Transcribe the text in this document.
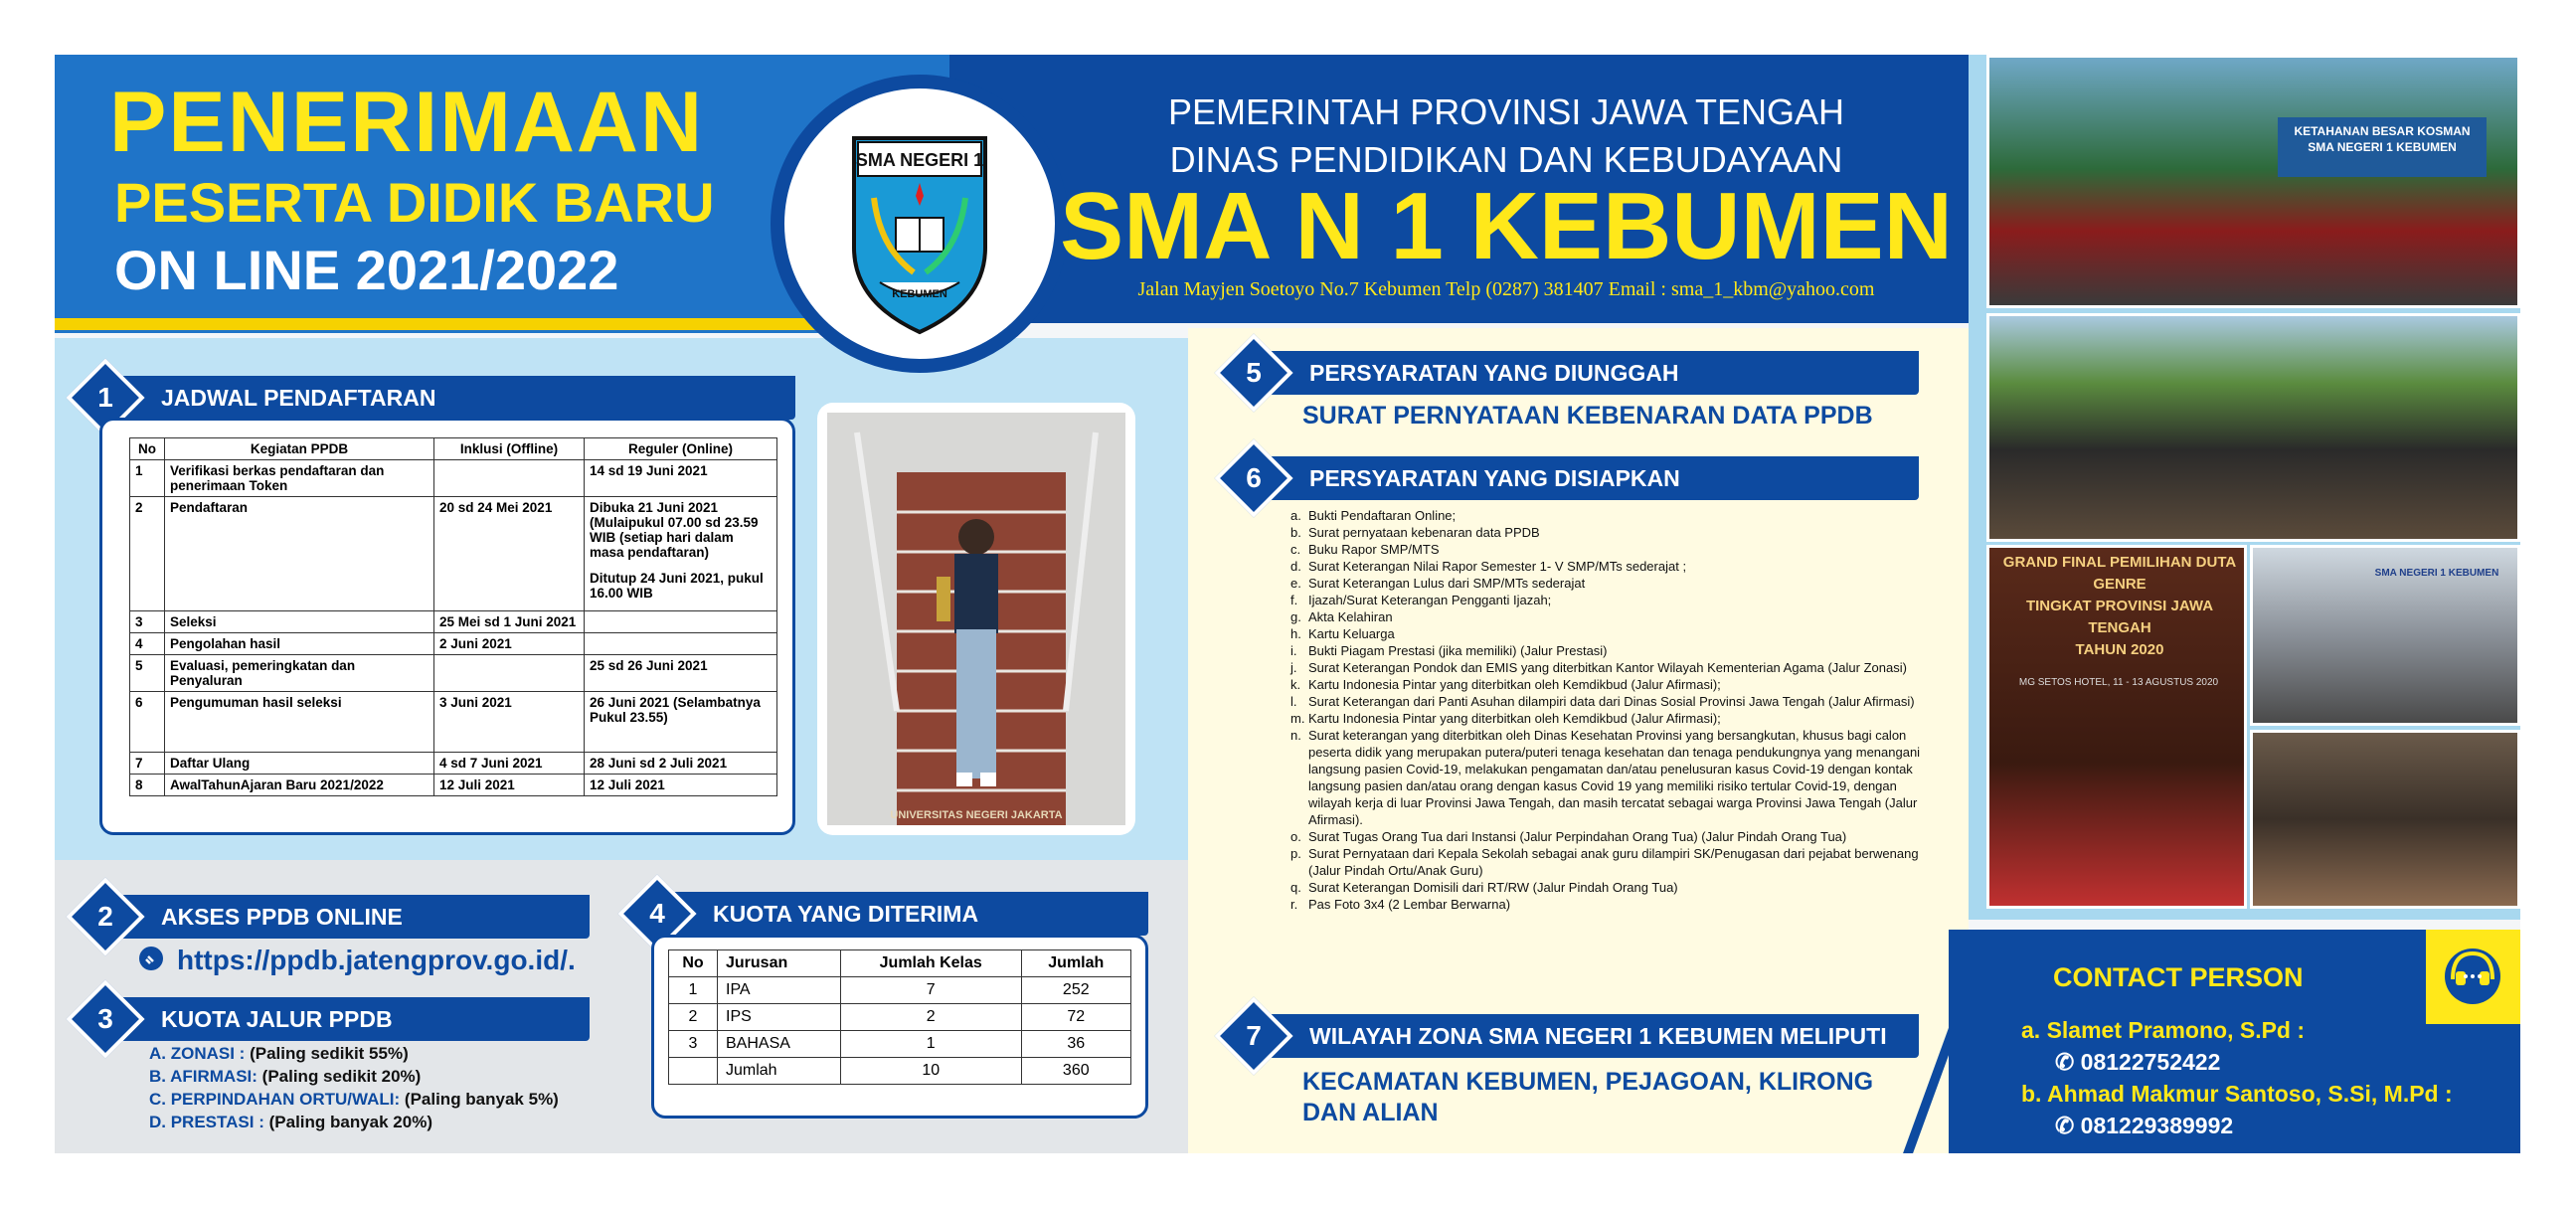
PENERIMAAN
PESERTA DIDIK BARU
ON LINE 2021/2022
SMA NEGERI 1
KEBUMEN
PEMERINTAH PROVINSI JAWA TENGAH
DINAS PENDIDIKAN DAN KEBUDAYAAN
SMA N 1 KEBUMEN
Jalan Mayjen Soetoyo No.7 Kebumen Telp (0287) 381407 Email : sma_1_kbm@yahoo.com
1	JADWAL PENDAFTARAN
No	Kegiatan PPDB	Inklusi (Offline)	Reguler (Online)
1	Verifikasi berkas pendaftaran dan penerimaan Token		14 sd 19 Juni 2021
2	Pendaftaran	20 sd 24 Mei 2021	Dibuka 21 Juni 2021 (Mulaipukul 07.00 sd 23.59 WIB (setiap hari dalam masa pendaftaran)
			Ditutup 24 Juni 2021, pukul 16.00 WIB
3	Seleksi	25 Mei sd 1 Juni 2021	
4	Pengolahan hasil	2 Juni 2021	
5	Evaluasi, pemeringkatan dan Penyaluran		25 sd 26 Juni 2021
6	Pengumuman hasil seleksi	3 Juni 2021	26 Juni 2021 (Selambatnya Pukul 23.55)
7	Daftar Ulang	4 sd 7 Juni 2021	28 Juni sd 2 Juli 2021
8	AwalTahunAjaran Baru 2021/2022	12 Juli 2021	12 Juli 2021
UNIVERSITAS NEGERI JAKARTA
2	AKSES PPDB ONLINE
https://ppdb.jatengprov.go.id/.
3	KUOTA JALUR PPDB
A. ZONASI : (Paling sedikit 55%)
B. AFIRMASI: (Paling sedikit 20%)
C. PERPINDAHAN ORTU/WALI: (Paling banyak 5%)
D. PRESTASI : (Paling banyak 20%)
4	KUOTA YANG DITERIMA
No	Jurusan	Jumlah Kelas	Jumlah
1	IPA	7	252
2	IPS	2	72
3	BAHASA	1	36
	Jumlah	10	360
5	PERSYARATAN YANG DIUNGGAH
SURAT PERNYATAAN KEBENARAN DATA PPDB
6	PERSYARATAN YANG DISIAPKAN
a. Bukti Pendaftaran Online;
b. Surat pernyataan kebenaran data PPDB
c. Buku Rapor SMP/MTS
d. Surat Keterangan Nilai Rapor Semester 1- V SMP/MTs sederajat ;
e. Surat Keterangan Lulus dari SMP/MTs sederajat
f. Ijazah/Surat Keterangan Pengganti Ijazah;
g. Akta Kelahiran
h. Kartu Keluarga
i. Bukti Piagam Prestasi (jika memiliki) (Jalur Prestasi)
j. Surat Keterangan Pondok dan EMIS yang diterbitkan Kantor Wilayah Kementerian Agama (Jalur Zonasi)
k. Kartu Indonesia Pintar yang diterbitkan oleh Kemdikbud (Jalur Afirmasi);
l. Surat Keterangan dari Panti Asuhan dilampiri data dari Dinas Sosial Provinsi Jawa Tengah (Jalur Afirmasi)
m. Kartu Indonesia Pintar yang diterbitkan oleh Kemdikbud (Jalur Afirmasi);
n. Surat keterangan yang diterbitkan oleh Dinas Kesehatan Provinsi yang bersangkutan, khusus bagi calon peserta didik yang merupakan putera/puteri tenaga kesehatan dan tenaga pendukungnya yang menangani langsung pasien Covid-19, melakukan pengamatan dan/atau penelusuran kasus Covid-19 dengan kontak langsung pasien dan/atau orang dengan kasus Covid 19 yang memiliki risiko tertular Covid-19, dengan wilayah kerja di luar Provinsi Jawa Tengah, dan masih tercatat sebagai warga Provinsi Jawa Tengah (Jalur Afirmasi).
o. Surat Tugas Orang Tua dari Instansi (Jalur Perpindahan Orang Tua) (Jalur Pindah Orang Tua)
p. Surat Pernyataan dari Kepala Sekolah sebagai anak guru dilampiri SK/Penugasan dari pejabat berwenang (Jalur Pindah Ortu/Anak Guru)
q. Surat Keterangan Domisili dari RT/RW (Jalur Pindah Orang Tua)
r. Pas Foto 3x4 (2 Lembar Berwarna)
7	WILAYAH ZONA SMA NEGERI 1 KEBUMEN MELIPUTI
KECAMATAN KEBUMEN, PEJAGOAN, KLIRONG DAN ALIAN
KETAHANAN BESAR KOSMAN
SMA NEGERI 1 KEBUMEN
GRAND FINAL PEMILIHAN DUTA GENRE
TINGKAT PROVINSI JAWA TENGAH
TAHUN 2020
MG SETOS HOTEL, 11 - 13 AGUSTUS 2020
SMA NEGERI 1 KEBUMEN
CONTACT PERSON
a. Slamet Pramono, S.Pd :
✆ 08122752422
b. Ahmad Makmur Santoso, S.Si, M.Pd :
✆ 081229389992
